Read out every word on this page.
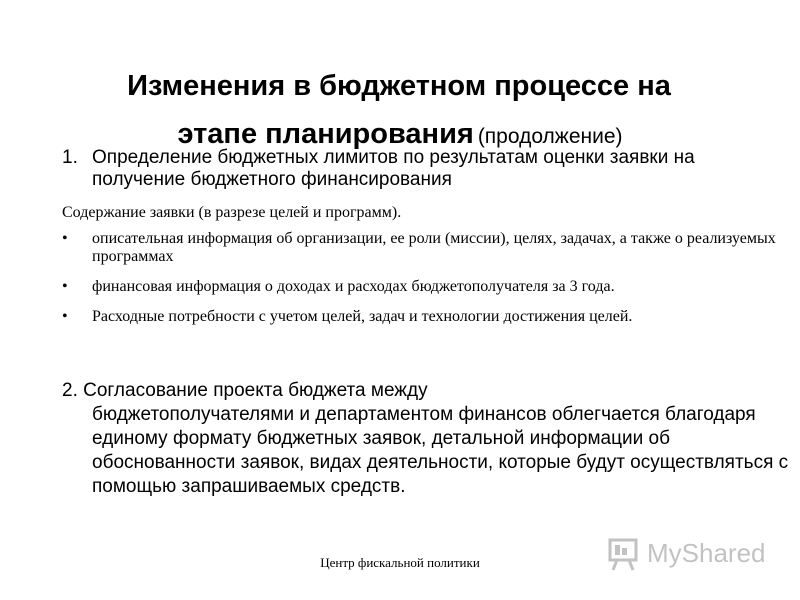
Изменения в бюджетном процессе на
этапе планирования (продолжение)
1. Определение бюджетных лимитов по результатам оценки заявки на получение бюджетного финансирования
Содержание заявки (в разрезе целей и программ).
• описательная информация об организации, ее роли (миссии), целях, задачах, а также о реализуемых программах
• финансовая информация о доходах и расходах бюджетополучателя за 3 года.
• Расходные потребности с учетом целей, задач и технологии достижения целей.
2. Согласование проекта бюджета между
бюджетополучателями и департаментом финансов облегчается благодаря единому формату бюджетных заявок, детальной информации об обоснованности заявок, видах деятельности, которые будут осуществляться с помощью запрашиваемых средств.
Центр фискальной политики	MyShared
